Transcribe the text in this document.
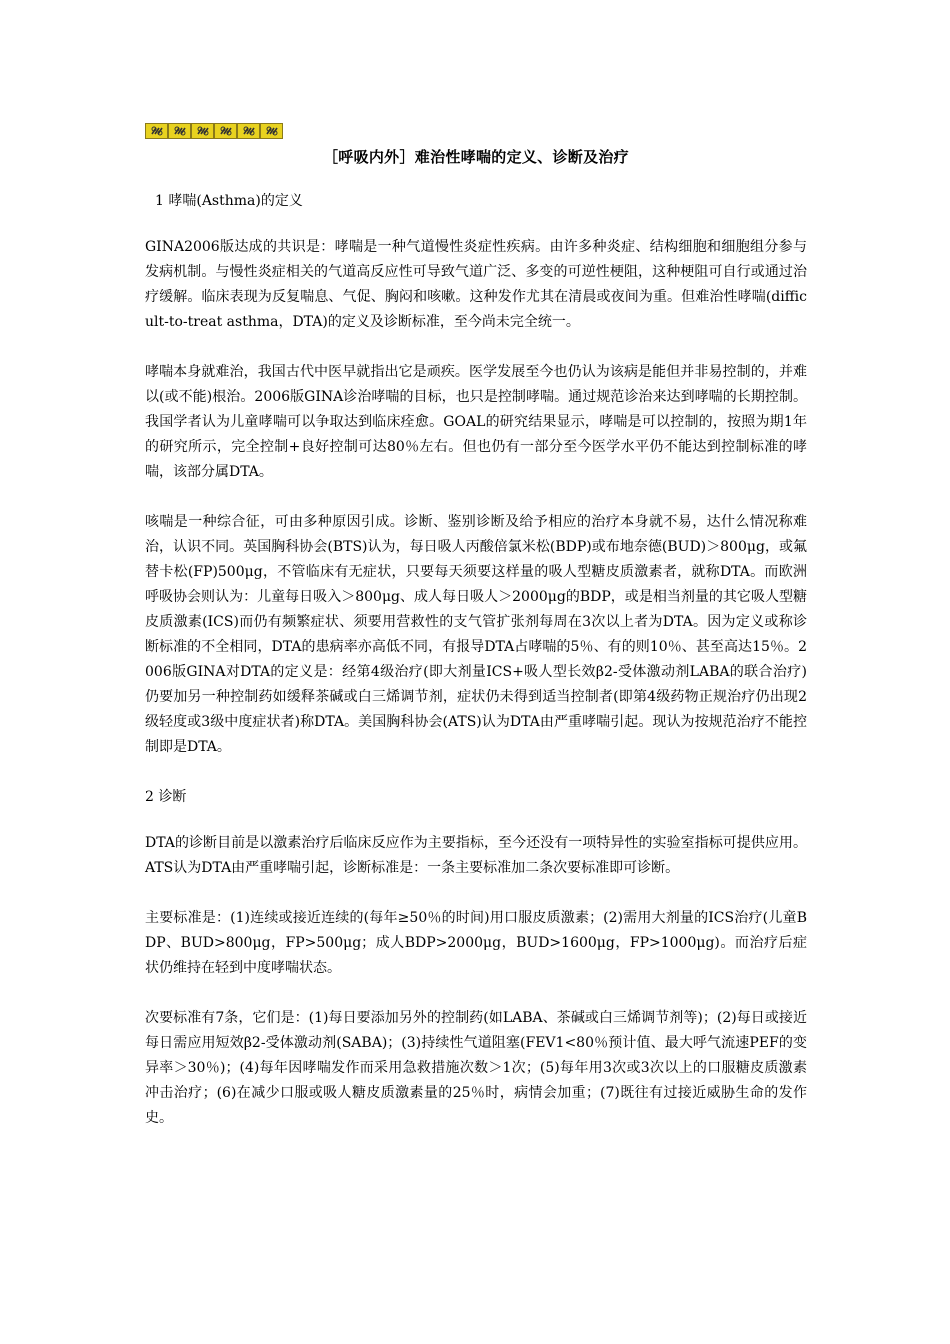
［呼吸内外］难治性哮喘的定义、诊断及治疗

1 哮喘(Asthma)的定义

GINA2006版达成的共识是：哮喘是一种气道慢性炎症性疾病。由许多种炎症、结构细胞和细胞组分参与发病机制。与慢性炎症相关的气道高反应性可导致气道广泛、多变的可逆性梗阻，这种梗阻可自行或通过治疗缓解。临床表现为反复喘息、气促、胸闷和咳嗽。这种发作尤其在清晨或夜间为重。但难治性哮喘(difficult-to-treat asthma，DTA)的定义及诊断标准，至今尚未完全统一。

哮喘本身就难治，我国古代中医早就指出它是顽疾。医学发展至今也仍认为该病是能但并非易控制的，并难以(或不能)根治。2006版GINA诊治哮喘的目标，也只是控制哮喘。通过规范诊治来达到哮喘的长期控制。我国学者认为儿童哮喘可以争取达到临床痊愈。GOAL的研究结果显示，哮喘是可以控制的，按照为期1年的研究所示，完全控制+良好控制可达80％左右。但也仍有一部分至今医学水平仍不能达到控制标准的哮喘，该部分属DTA。

咳喘是一种综合征，可由多种原因引成。诊断、鉴别诊断及给予相应的治疗本身就不易，达什么情况称难治，认识不同。英国胸科协会(BTS)认为，每日吸人丙酸倍氯米松(BDP)或布地奈德(BUD)＞800μg，或氟替卡松(FP)500μg，不管临床有无症状，只要每天须要这样量的吸人型糖皮质激素者，就称DTA。而欧洲呼吸协会则认为：儿童每日吸入＞800μg、成人每日吸人＞2000μg的BDP，或是相当剂量的其它吸人型糖皮质激素(ICS)而仍有频繁症状、须要用营救性的支气管扩张剂每周在3次以上者为DTA。因为定义或称诊断标准的不全相同，DTA的患病率亦高低不同，有报导DTA占哮喘的5％、有的则10％、甚至高达15％。2006版GINA对DTA的定义是：经第4级治疗(即大剂量ICS+吸人型长效β2-受体激动剂LABA的联合治疗)仍要加另一种控制药如缓释茶碱或白三烯调节剂，症状仍未得到适当控制者(即第4级药物正规治疗仍出现2级轻度或3级中度症状者)称DTA。美国胸科协会(ATS)认为DTA由严重哮喘引起。现认为按规范治疗不能控制即是DTA。

2 诊断

DTA的诊断目前是以激素治疗后临床反应作为主要指标，至今还没有一项特异性的实验室指标可提供应用。ATS认为DTA由严重哮喘引起，诊断标准是：一条主要标准加二条次要标准即可诊断。

主要标准是：(1)连续或接近连续的(每年≥50％的时间)用口服皮质激素；(2)需用大剂量的ICS治疗(儿童BDP、BUD>800μg，FP>500μg；成人BDP>2000μg，BUD>1600μg，FP>1000μg)。而治疗后症状仍维持在轻到中度哮喘状态。

次要标准有7条，它们是：(1)每日要添加另外的控制药(如LABA、茶碱或白三烯调节剂等)；(2)每日或接近每日需应用短效β2-受体激动剂(SABA)；(3)持续性气道阻塞(FEV1<80％预计值、最大呼气流速PEF的变异率＞30％)；(4)每年因哮喘发作而采用急救措施次数＞1次；(5)每年用3次或3次以上的口服糖皮质激素冲击治疗；(6)在减少口服或吸人糖皮质激素量的25％时，病情会加重；(7)既往有过接近威胁生命的发作史。
